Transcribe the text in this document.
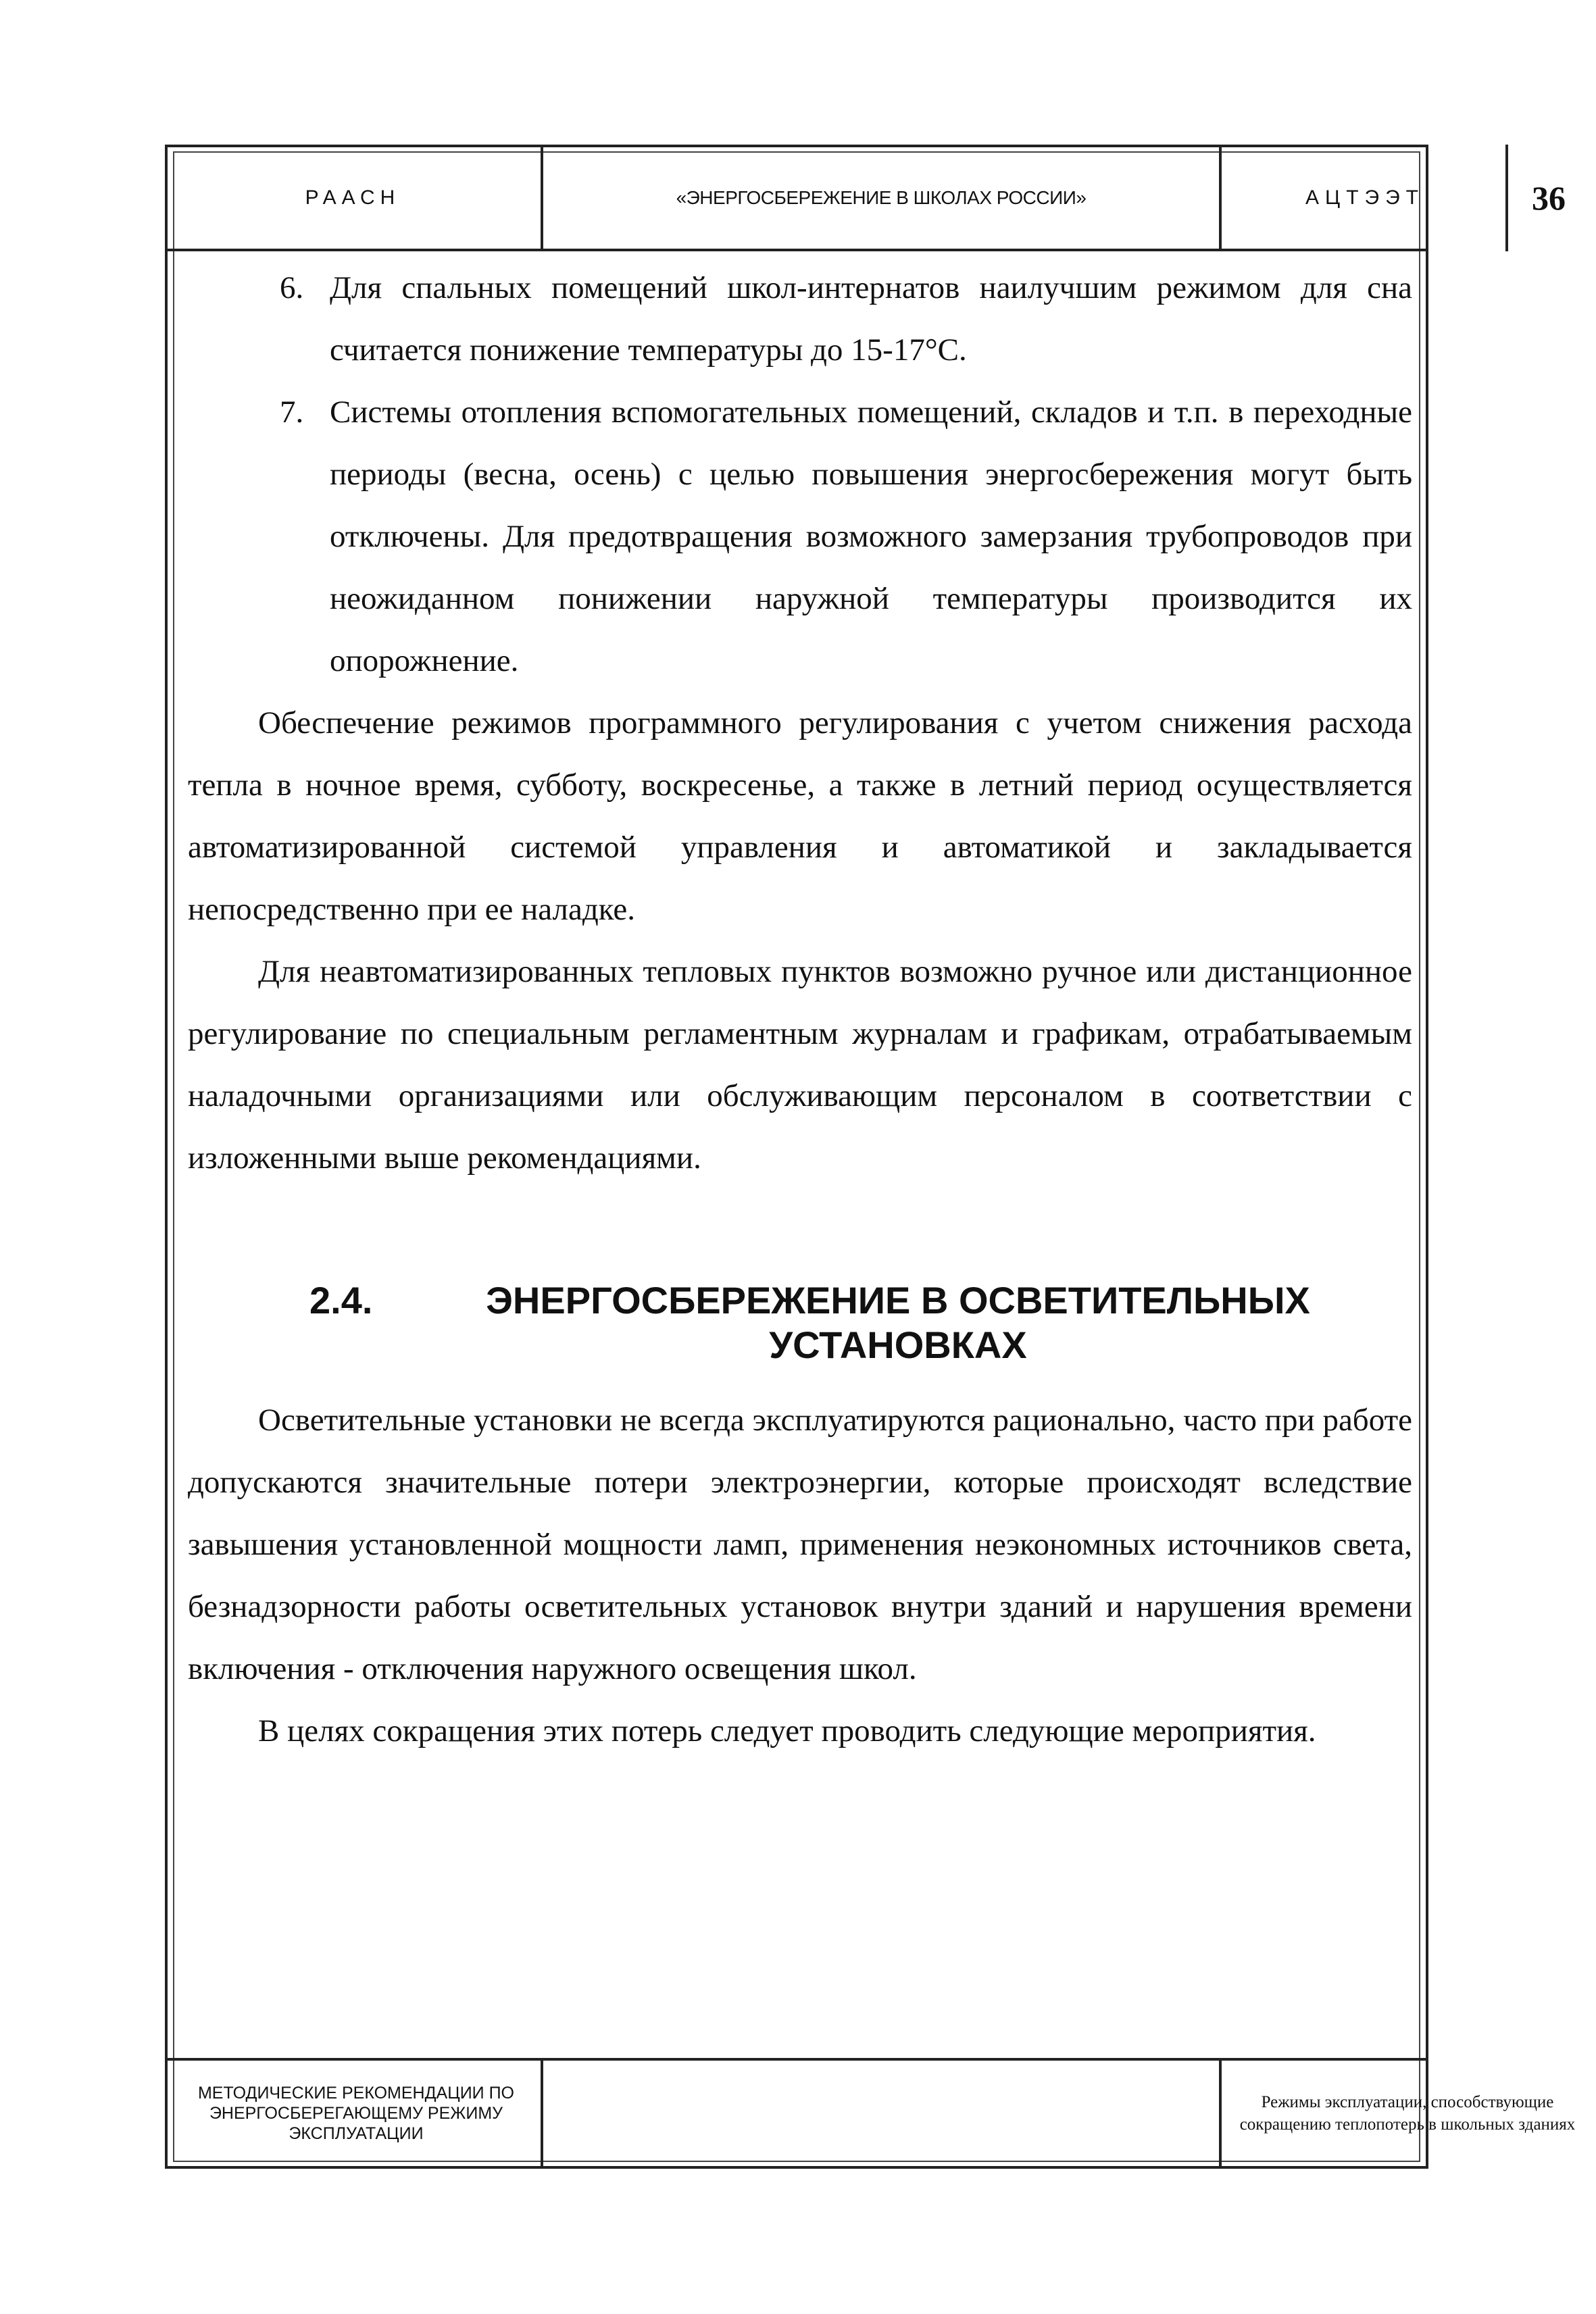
РААСН	«ЭНЕРГОСБЕРЕЖЕНИЕ В ШКОЛАХ РОССИИ»	АЦТЭЭТ	36
6. Для спальных помещений школ-интернатов наилучшим режимом для сна считается понижение температуры до 15-17°С.
7. Системы отопления вспомогательных помещений, складов и т.п. в переходные периоды (весна, осень) с целью повышения энергосбережения могут быть отключены. Для предотвращения возможного замерзания трубопроводов при неожиданном понижении наружной температуры производится их опорожнение.

Обеспечение режимов программного регулирования с учетом снижения расхода тепла в ночное время, субботу, воскресенье, а также в летний период осуществляется автоматизированной системой управления и автоматикой и закладывается непосредственно при ее наладке.

Для неавтоматизированных тепловых пунктов возможно ручное или дистанционное регулирование по специальным регламентным журналам и графикам, отрабатываемым наладочными организациями или обслуживающим персоналом в соответствии с изложенными выше рекомендациями.

2.4.	ЭНЕРГОСБЕРЕЖЕНИЕ В ОСВЕТИТЕЛЬНЫХ УСТАНОВКАХ

Осветительные установки не всегда эксплуатируются рационально, часто при работе допускаются значительные потери электроэнергии, которые происходят вследствие завышения установленной мощности ламп, применения неэкономных источников света, безнадзорности работы осветительных установок внутри зданий и нарушения времени включения - отключения наружного освещения школ.

В целях сокращения этих потерь следует проводить следующие мероприятия.

МЕТОДИЧЕСКИЕ РЕКОМЕНДАЦИИ ПО ЭНЕРГОСБЕРЕГАЮЩЕМУ РЕЖИМУ ЭКСПЛУАТАЦИИ
Режимы эксплуатации, способствующие сокращению теплопотерь в школьных зданиях
